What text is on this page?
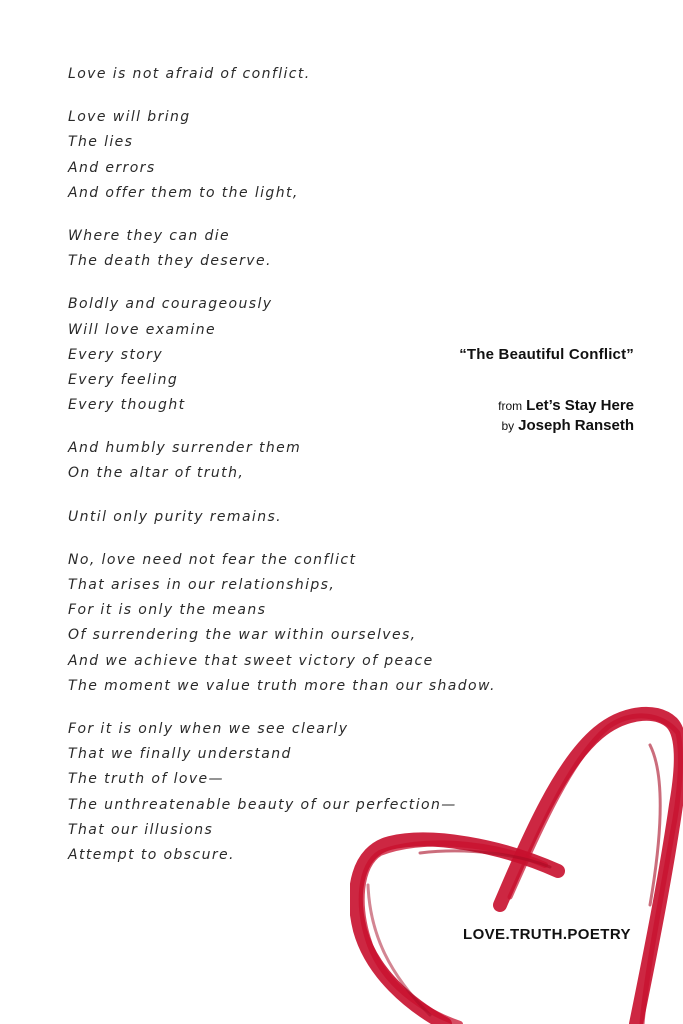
Love is not afraid of conflict.
Love will bring
The lies
And errors
And offer them to the light,
Where they can die
The death they deserve.
Boldly and courageously
Will love examine
Every story
Every feeling
Every thought
And humbly surrender them
On the altar of truth,
Until only purity remains.
No, love need not fear the conflict
That arises in our relationships,
For it is only the means
Of surrendering the war within ourselves,
And we achieve that sweet victory of peace
The moment we value truth more than our shadow.
For it is only when we see clearly
That we finally understand
The truth of love—
The unthreatenable beauty of our perfection—
That our illusions
Attempt to obscure.
“The Beautiful Conflict”
from Let’s Stay Here
by Joseph Ranseth
LOVE.TRUTH.POETRY
